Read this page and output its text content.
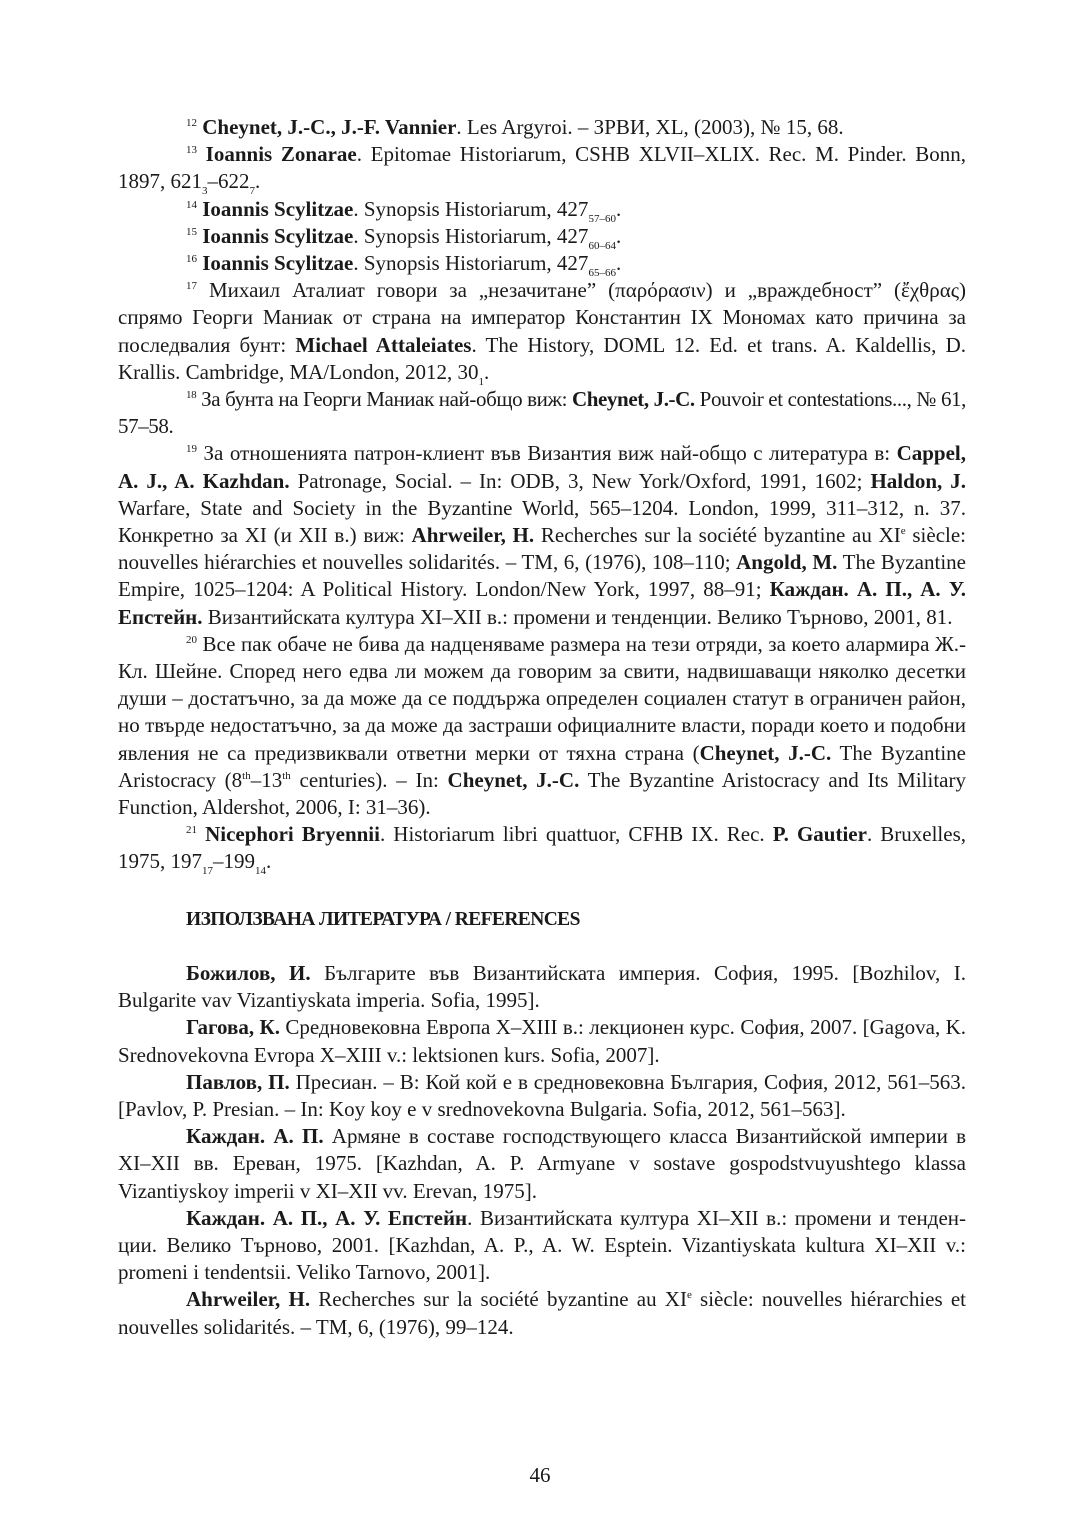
$^{12}$ Cheynet, J.-C., J.-F. Vannier. Les Argyroi. – ЗРВИ, XL, (2003), № 15, 68.

$^{13}$ Ioannis Zonarae. Epitomae Historiarum, CSHB XLVII–XLIX. Rec. M. Pinder. Bonn, 1897, $621_3-622_7$.

$^{14}$ Ioannis Scylitzae. Synopsis Historiarum, $427_{57-60}$.

$^{15}$ Ioannis Scylitzae. Synopsis Historiarum, $427_{60-64}$.

$^{16}$ Ioannis Scylitzae. Synopsis Historiarum, $427_{65-66}$.

$^{17}$ Михаил Аталиат говори за „незачитане” (παρόρασιν) и „враждебност” (ἔχθρας) спрямо Георги Маниак от страна на император Константин IX Мономах като причина за последвалия бунт: Michael Attaleiates. The History, DOML 12. Ed. et trans. A. Kaldellis, D. Krallis. Cambridge, MA/London, 2012, $30_1$.

$^{18}$ За бунта на Георги Маниак най-общо виж: Cheynet, J.-C. Pouvoir et contestations..., № 61, 57–58.

$^{19}$ За отношенията патрон-клиент във Византия виж най-общо с литература в: Cappel, A. J., A. Kazhdan. Patronage, Social. – In: ODB, 3, New York/Oxford, 1991, 1602; Haldon, J. Warfare, State and Society in the Byzantine World, 565–1204. London, 1999, 311–312, n. 37. Конкретно за XI (и XII в.) виж: Ahrweiler, H. Recherches sur la société byzantine au XIe siècle: nouvelles hiérarchies et nouvelles solidarités. – TM, 6, (1976), 108–110; Angold, M. The Byzantine Empire, 1025–1204: A Political History. London/New York, 1997, 88–91; Каждан. А. П., А. У. Епстейн. Византийската култура XI–XII в.: промени и тенденции. Велико Търново, 2001, 81.

$^{20}$ Все пак обаче не бива да надценяваме размера на тези отряди, за което алармира Ж.-Кл. Шейне. Според него едва ли можем да говорим за свити, надвишаващи няколко десетки души – достатъчно, за да може да се поддържа определен социален статут в ограничен район, но твърде недостатъчно, за да може да застраши официалните власти, поради което и подобни явления не са предизвиквали ответни мерки от тяхна страна (Cheynet, J.-C. The Byzantine Aristocracy (8th–13th centuries). – In: Cheynet, J.-C. The Byzantine Aristocracy and Its Military Function, Aldershot, 2006, I: 31–36).

$^{21}$ Nicephori Bryennii. Historiarum libri quattuor, CFHB IX. Rec. P. Gautier. Bruxelles, 1975, $197_{17}-199_{14}$.

ИЗПОЛЗВАНА ЛИТЕРАТУРА / REFERENCES

Божилов, И. Българите във Византийската империя. София, 1995. [Bozhilov, I. Bulgarite vav Vizantiyskata imperia. Sofia, 1995].

Гагова, К. Средновековна Европа X–XIII в.: лекционен курс. София, 2007. [Gagova, K. Srednovekovna Evropa X–XIII v.: lektsionen kurs. Sofia, 2007].

Павлов, П. Пресиан. – В: Кой кой е в средновековна България, София, 2012, 561–563. [Pavlov, P. Presian. – In: Koy koy e v srednovekovna Bulgaria. Sofia, 2012, 561–563].

Каждан. А. П. Армяне в составе господствующего класса Византийской империи в XI–XII вв. Ереван, 1975. [Kazhdan, A. P. Armyane v sostave gospodstvuyushtego klassa Vizantiyskoy imperii v XI–XII vv. Erevan, 1975].

Каждан. А. П., А. У. Епстейн. Византийската култура XI–XII в.: промени и тенден-ции. Велико Търново, 2001. [Kazhdan, A. P., A. W. Esptein. Vizantiyskata kultura XI–XII v.: promeni i tendentsii. Veliko Tarnovo, 2001].

Ahrweiler, H. Recherches sur la société byzantine au XIe siècle: nouvelles hiérarchies et nouvelles solidarités. – TM, 6, (1976), 99–124.

46
